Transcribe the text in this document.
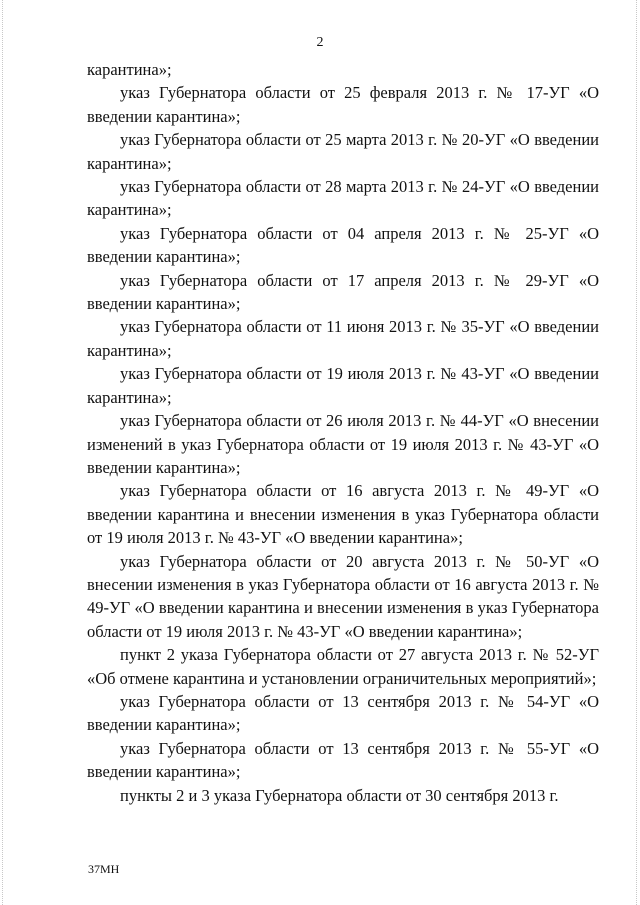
2

карантина»;

указ Губернатора области от 25 февраля 2013 г. № 17-УГ «О введении карантина»;

указ Губернатора области от 25 марта 2013 г. № 20-УГ «О введении карантина»;

указ Губернатора области от 28 марта 2013 г. № 24-УГ «О введении карантина»;

указ Губернатора области от 04 апреля 2013 г. № 25-УГ «О введении карантина»;

указ Губернатора области от 17 апреля 2013 г. № 29-УГ «О введении карантина»;

указ Губернатора области от 11 июня 2013 г. № 35-УГ «О введении карантина»;

указ Губернатора области от 19 июля 2013 г. № 43-УГ «О введении карантина»;

указ Губернатора области от 26 июля 2013 г. № 44-УГ «О внесении изменений в указ Губернатора области от 19 июля 2013 г. № 43-УГ «О введении карантина»;

указ Губернатора области от 16 августа 2013 г. № 49-УГ «О введении карантина и внесении изменения в указ Губернатора области от 19 июля 2013 г. № 43-УГ «О введении карантина»;

указ Губернатора области от 20 августа 2013 г. № 50-УГ «О внесении изменения в указ Губернатора области от 16 августа 2013 г. № 49-УГ «О введении карантина и внесении изменения в указ Губернатора области от 19 июля 2013 г. № 43-УГ «О введении карантина»;

пункт 2 указа Губернатора области от 27 августа 2013 г. № 52-УГ «Об отмене карантина и установлении ограничительных мероприятий»;

указ Губернатора области от 13 сентября 2013 г. № 54-УГ «О введении карантина»;

указ Губернатора области от 13 сентября 2013 г. № 55-УГ «О введении карантина»;

пункты 2 и 3 указа Губернатора области от 30 сентября 2013 г.

37МН
